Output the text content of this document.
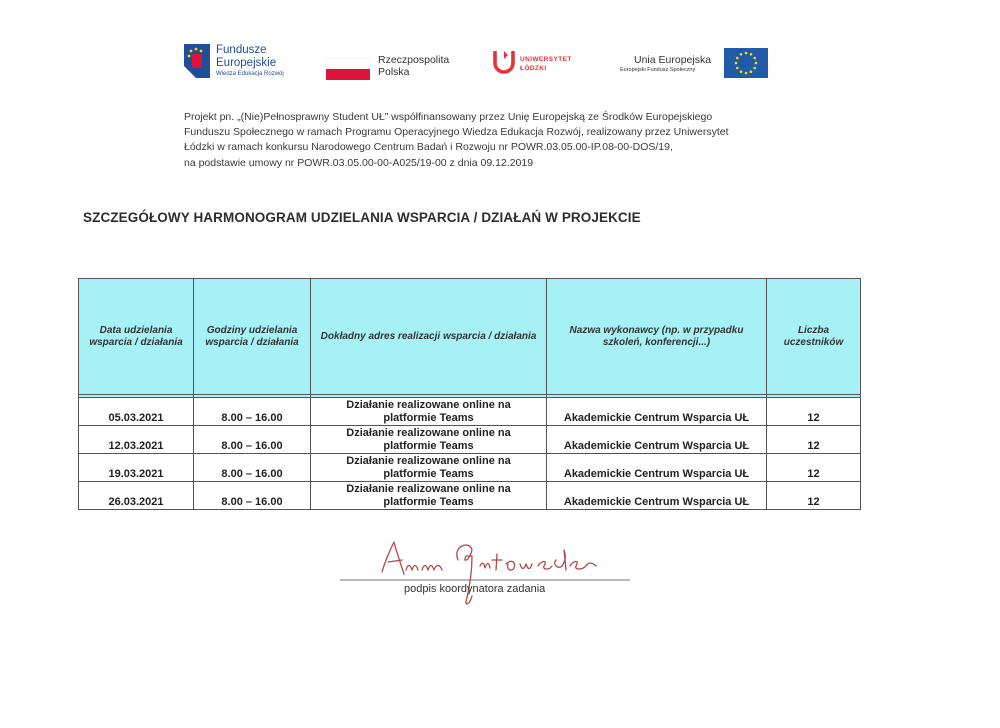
Fundusze
Europejskie
Wiedza Edukacja Rozwój
Rzeczpospolita
Polska
UNIWERSYTET
ŁÓDZKI
Unia Europejska
Europejski Fundusz Społeczny

Projekt pn. „(Nie)Pełnosprawny Student UŁ” współfinansowany przez Unię Europejską ze Środków Europejskiego
Funduszu Społecznego w ramach Programu Operacyjnego Wiedza Edukacja Rozwój, realizowany przez Uniwersytet
Łódzki w ramach konkursu Narodowego Centrum Badań i Rozwoju nr POWR.03.05.00-IP.08-00-DOS/19,
na podstawie umowy nr POWR.03.05.00-00-A025/19-00 z dnia 09.12.2019

SZCZEGÓŁOWY HARMONOGRAM UDZIELANIA WSPARCIA / DZIAŁAŃ W PROJEKCIE
Data udzielania wsparcia / działania	Godziny udzielania wsparcia / działania	Dokładny adres realizacji wsparcia / działania	Nazwa wykonawcy (np. w przypadku szkoleń, konferencji...)	Liczba uczestników

05.03.2021	8.00 – 16.00	Działanie realizowane online na
platformie Teams	Akademickie Centrum Wsparcia UŁ	12
12.03.2021	8.00 – 16.00	Działanie realizowane online na
platformie Teams	Akademickie Centrum Wsparcia UŁ	12
19.03.2021	8.00 – 16.00	Działanie realizowane online na
platformie Teams	Akademickie Centrum Wsparcia UŁ	12
26.03.2021	8.00 – 16.00	Działanie realizowane online na
platformie Teams	Akademickie Centrum Wsparcia UŁ	12

podpis koordynatora zadania
